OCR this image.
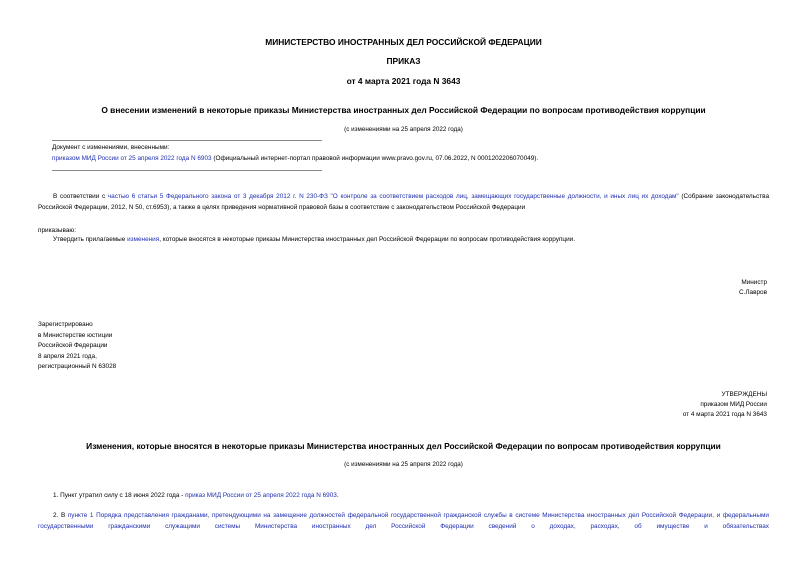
МИНИСТЕРСТВО ИНОСТРАННЫХ ДЕЛ РОССИЙСКОЙ ФЕДЕРАЦИИ
ПРИКАЗ
от 4 марта 2021 года N 3643
О внесении изменений в некоторые приказы Министерства иностранных дел Российской Федерации по вопросам противодействия коррупции
(с изменениями на 25 апреля 2022 года)
Документ с изменениями, внесенными:
приказом МИД России от 25 апреля 2022 года N 6903 (Официальный интернет-портал правовой информации www.pravo.gov.ru, 07.06.2022, N 0001202206070049).
В соответствии с частью 6 статьи 5 Федерального закона от 3 декабря 2012 г. N 230-ФЗ "О контроле за соответствием расходов лиц, замещающих государственные должности, и иных лиц их доходам" (Собрание законодательства Российской Федерации, 2012, N 50, ст.6953), а также в целях приведения нормативной правовой базы в соответствие с законодательством Российской Федерации
приказываю:
Утвердить прилагаемые изменения, которые вносятся в некоторые приказы Министерства иностранных дел Российской Федерации по вопросам противодействия коррупции.
Министр
С.Лавров
Зарегистрировано
в Министерстве юстиции
Российской Федерации
8 апреля 2021 года,
регистрационный N 63028
УТВЕРЖДЕНЫ
приказом МИД России
от 4 марта 2021 года N 3643
Изменения, которые вносятся в некоторые приказы Министерства иностранных дел Российской Федерации по вопросам противодействия коррупции
(с изменениями на 25 апреля 2022 года)
1. Пункт утратил силу с 18 июня 2022 года - приказ МИД России от 25 апреля 2022 года N 6903.
2. В пункте 1 Порядка представления гражданами, претендующими на замещение должностей федеральной государственной гражданской службы в системе Министерства иностранных дел Российской Федерации, и федеральными государственными гражданскими служащими системы Министерства иностранных дел Российской Федерации сведений о доходах, расходах, об имуществе и обязательствах
